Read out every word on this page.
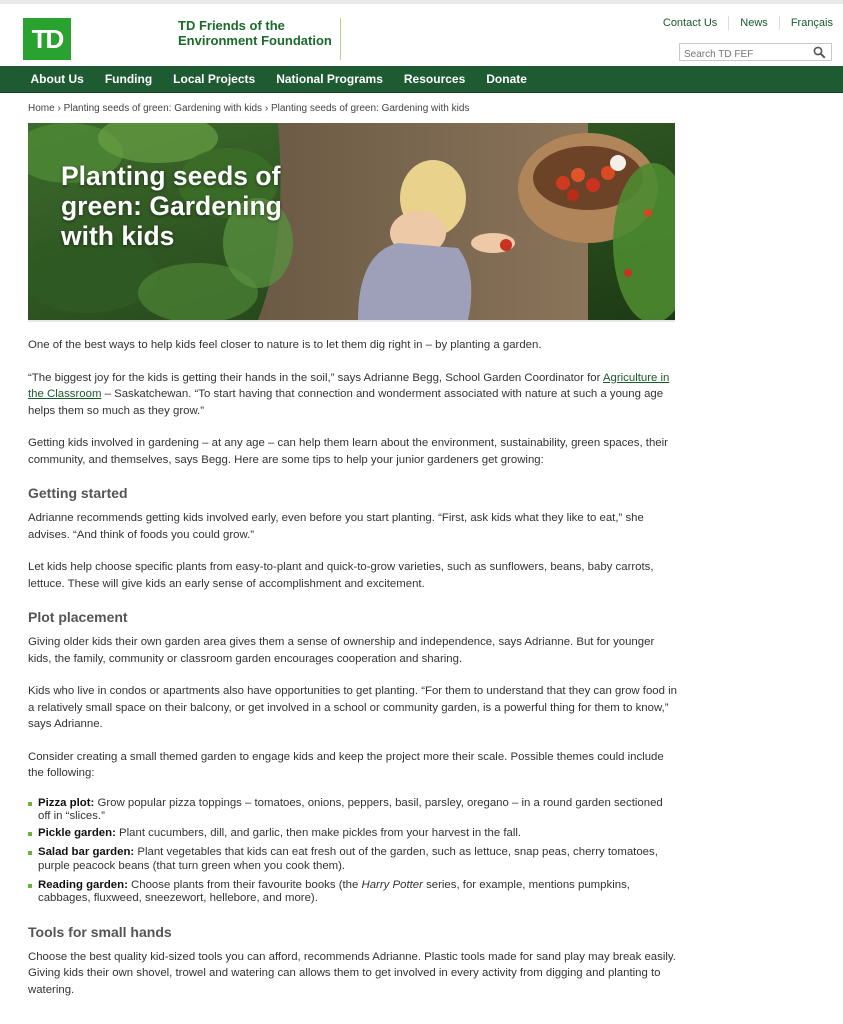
TD	TD Friends of the
Environment Foundation
Contact Us	News	Français
Search TD FEF
About Us	Funding	Local Projects	National Programs	Resources	Donate
Home › Planting seeds of green: Gardening with kids › Planting seeds of green: Gardening with kids
Planting seeds of green: Gardening with kids

One of the best ways to help kids feel closer to nature is to let them dig right in – by planting a garden.

“The biggest joy for the kids is getting their hands in the soil,” says Adrianne Begg, School Garden Coordinator for Agriculture in the Classroom – Saskatchewan. “To start having that connection and wonderment associated with nature at such a young age helps them so much as they grow.”

Getting kids involved in gardening – at any age – can help them learn about the environment, sustainability, green spaces, their community, and themselves, says Begg. Here are some tips to help your junior gardeners get growing:

Getting started

Adrianne recommends getting kids involved early, even before you start planting. “First, ask kids what they like to eat,” she advises. “And think of foods you could grow.”

Let kids help choose specific plants from easy-to-plant and quick-to-grow varieties, such as sunflowers, beans, baby carrots, lettuce. These will give kids an early sense of accomplishment and excitement.

Plot placement

Giving older kids their own garden area gives them a sense of ownership and independence, says Adrianne. But for younger kids, the family, community or classroom garden encourages cooperation and sharing.

Kids who live in condos or apartments also have opportunities to get planting. “For them to understand that they can grow food in a relatively small space on their balcony, or get involved in a school or community garden, is a powerful thing for them to know,” says Adrianne.

Consider creating a small themed garden to engage kids and keep the project more their scale. Possible themes could include the following:

Pizza plot: Grow popular pizza toppings – tomatoes, onions, peppers, basil, parsley, oregano – in a round garden sectioned off in “slices.”
Pickle garden: Plant cucumbers, dill, and garlic, then make pickles from your harvest in the fall.
Salad bar garden: Plant vegetables that kids can eat fresh out of the garden, such as lettuce, snap peas, cherry tomatoes, purple peacock beans (that turn green when you cook them).
Reading garden: Choose plants from their favourite books (the Harry Potter series, for example, mentions pumpkins, cabbages, fluxweed, sneezewort, hellebore, and more).
Tools for small hands

Choose the best quality kid-sized tools you can afford, recommends Adrianne. Plastic tools made for sand play may break easily. Giving kids their own shovel, trowel and watering can allows them to get involved in every activity from digging and planting to watering.
